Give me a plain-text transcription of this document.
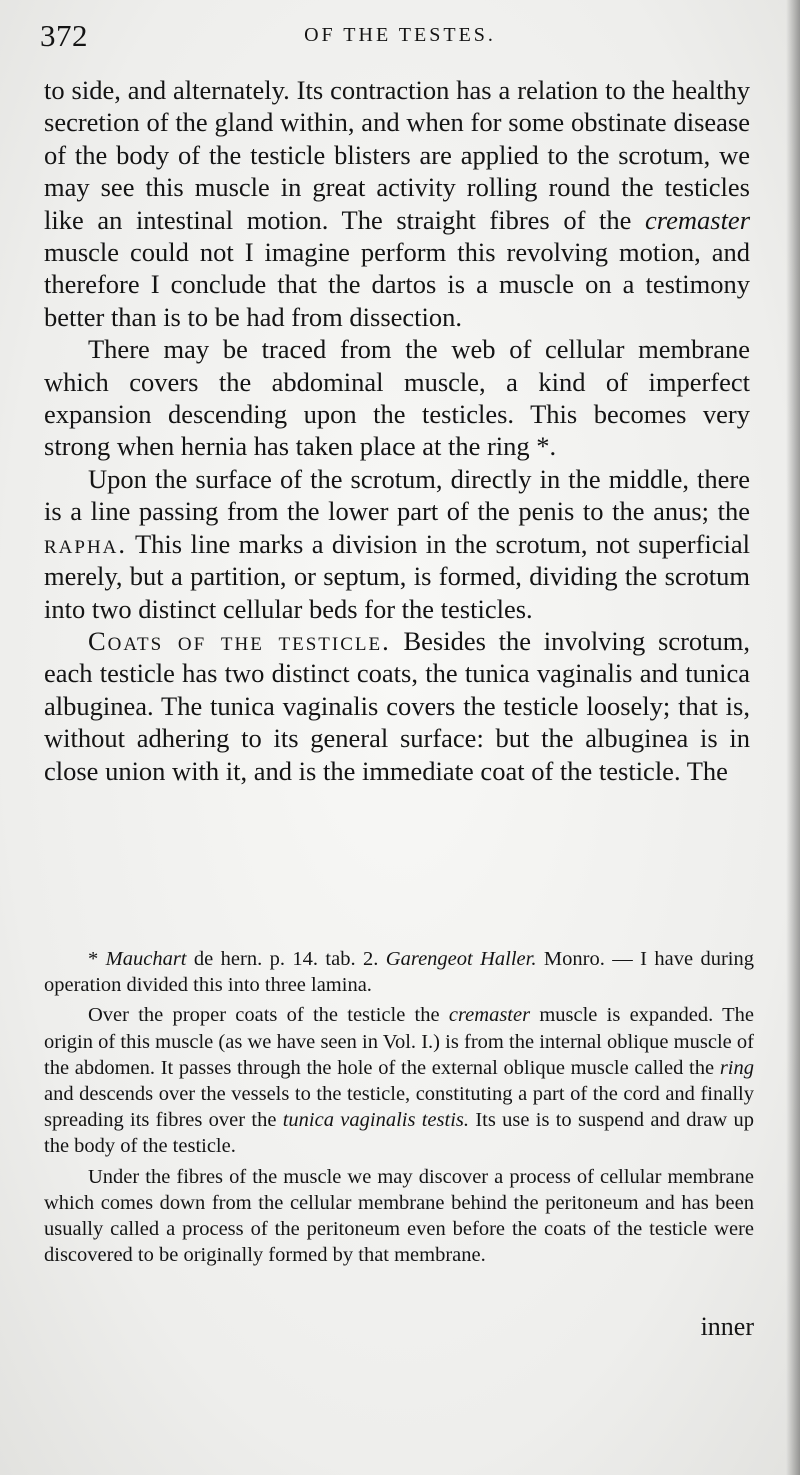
372	OF THE TESTES.

to side, and alternately. Its contraction has a relation to the healthy secretion of the gland within, and when for some obstinate disease of the body of the testicle blisters are applied to the scrotum, we may see this muscle in great activity rolling round the testicles like an intestinal motion. The straight fibres of the cremaster muscle could not I imagine perform this revolving motion, and therefore I conclude that the dartos is a muscle on a testimony better than is to be had from dissection.

There may be traced from the web of cellular membrane which covers the abdominal muscle, a kind of imperfect expansion descending upon the testicles. This becomes very strong when hernia has taken place at the ring *.

Upon the surface of the scrotum, directly in the middle, there is a line passing from the lower part of the penis to the anus; the rapha. This line marks a division in the scrotum, not superficial merely, but a partition, or septum, is formed, dividing the scrotum into two distinct cellular beds for the testicles.

Coats of the testicle. Besides the involving scrotum, each testicle has two distinct coats, the tunica vaginalis and tunica albuginea. The tunica vaginalis covers the testicle loosely; that is, without adhering to its general surface: but the albuginea is in close union with it, and is the immediate coat of the testicle. The

* Mauchart de hern. p. 14. tab. 2. Garengeot Haller. Monro. — I have during operation divided this into three lamina.

Over the proper coats of the testicle the cremaster muscle is expanded. The origin of this muscle (as we have seen in Vol. I.) is from the internal oblique muscle of the abdomen. It passes through the hole of the external oblique muscle called the ring and descends over the vessels to the testicle, constituting a part of the cord and finally spreading its fibres over the tunica vaginalis testis. Its use is to suspend and draw up the body of the testicle.

Under the fibres of the muscle we may discover a process of cellular membrane which comes down from the cellular membrane behind the peritoneum and has been usually called a process of the peritoneum even before the coats of the testicle were discovered to be originally formed by that membrane.

inner
